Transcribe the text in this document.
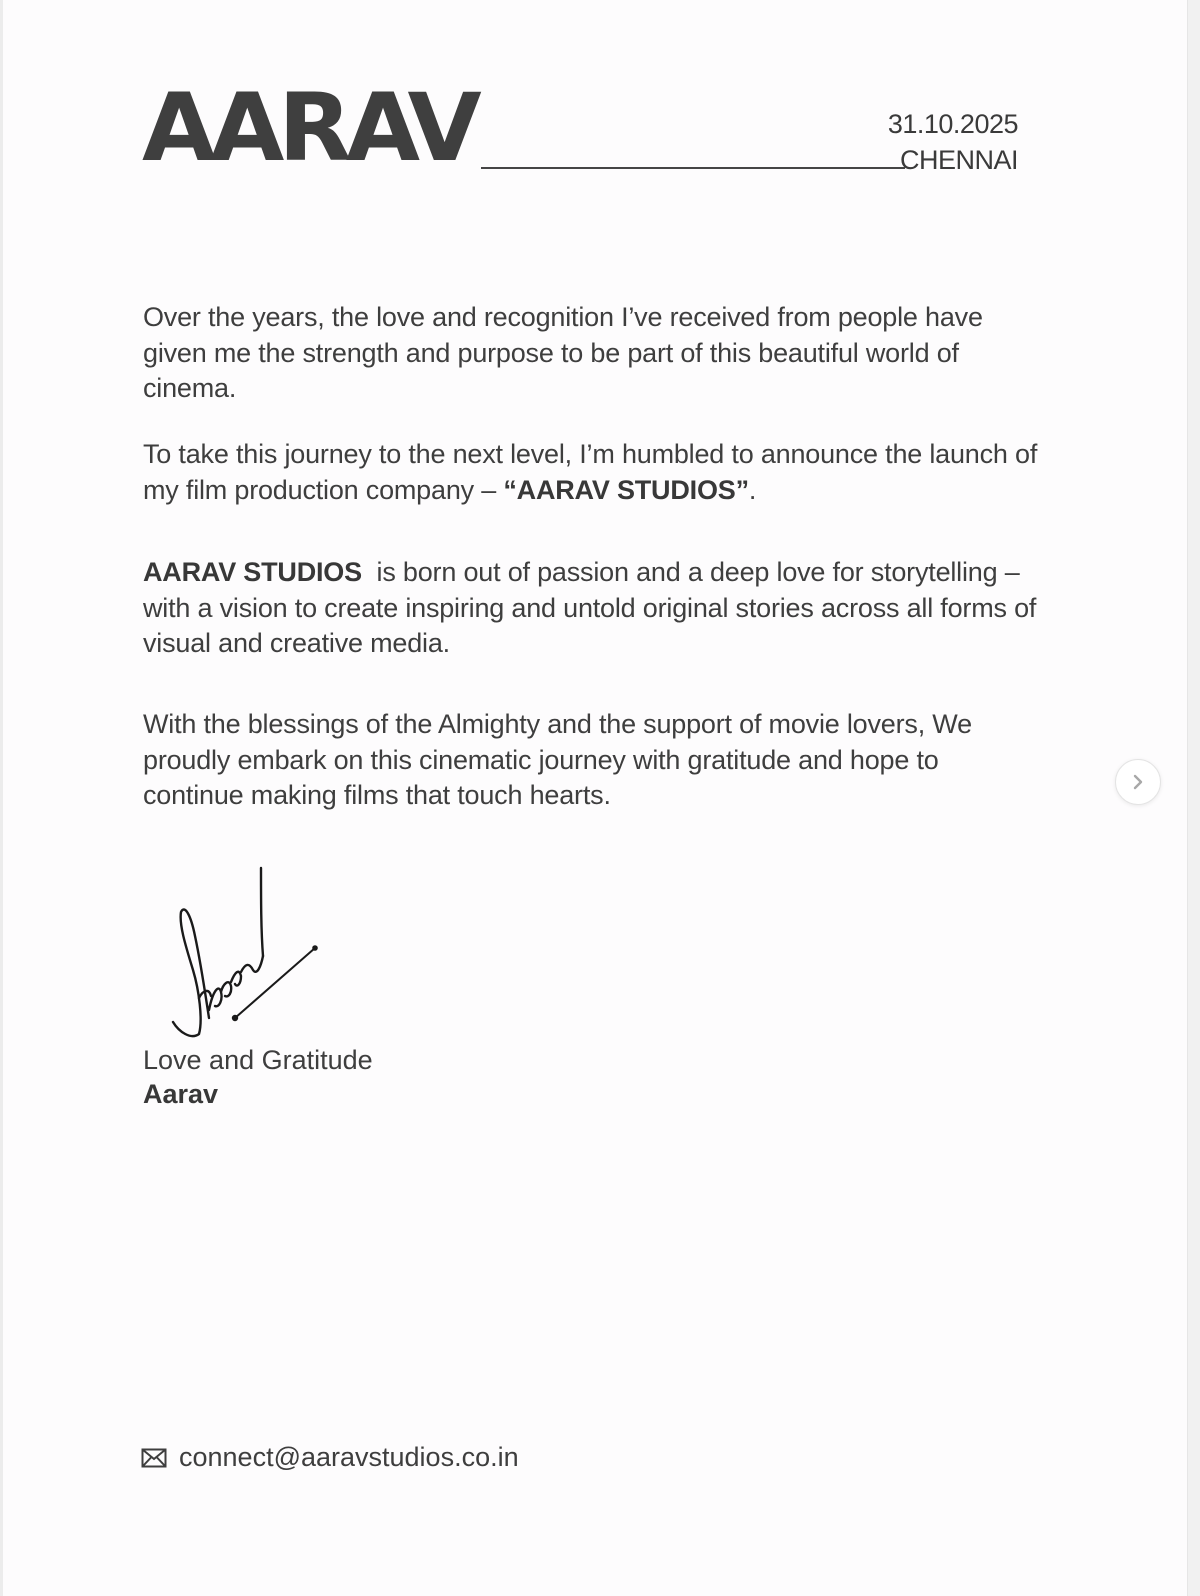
AARAV	31.10.2025
CHENNAI
Over the years, the love and recognition I’ve received from people have given me the strength and purpose to be part of this beautiful world of cinema.
To take this journey to the next level, I’m humbled to announce the launch of my film production company – “AARAV STUDIOS”.
AARAV STUDIOS  is born out of passion and a deep love for storytelling – with a vision to create inspiring and untold original stories across all forms of visual and creative media.
With the blessings of the Almighty and the support of movie lovers, We proudly embark on this cinematic journey with gratitude and hope to continue making films that touch hearts.
Love and Gratitude
Aarav
connect@aaravstudios.co.in
